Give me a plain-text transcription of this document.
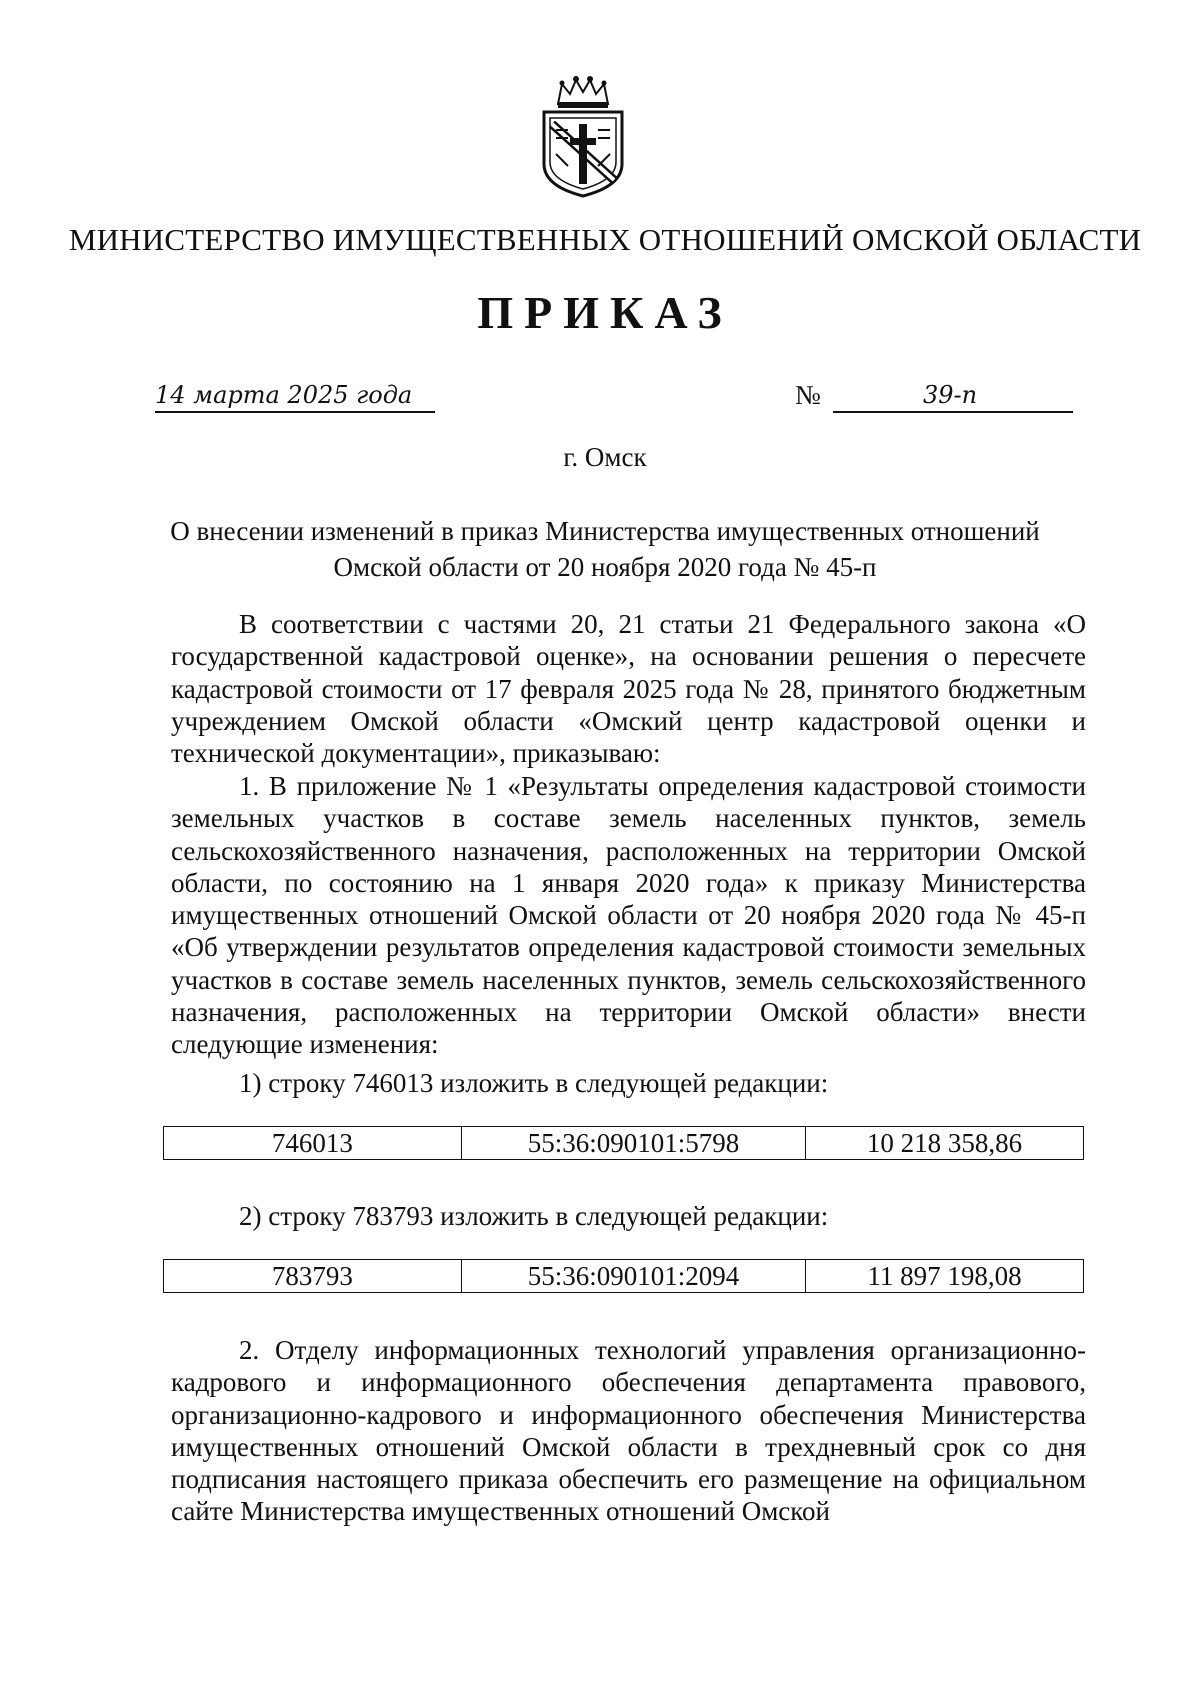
МИНИСТЕРСТВО ИМУЩЕСТВЕННЫХ ОТНОШЕНИЙ ОМСКОЙ ОБЛАСТИ
ПРИКАЗ
14 марта 2025 года	№	39-п
г. Омск
О внесении изменений в приказ Министерства имущественных отношений
Омской области от 20 ноября 2020 года № 45-п
В соответствии с частями 20, 21 статьи 21 Федерального закона «О государственной кадастровой оценке», на основании решения о пересчете кадастровой стоимости от 17 февраля 2025 года № 28, принятого бюджетным учреждением Омской области «Омский центр кадастровой оценки и технической документации», приказываю:
1. В приложение № 1 «Результаты определения кадастровой стоимости земельных участков в составе земель населенных пунктов, земель сельскохозяйственного назначения, расположенных на территории Омской области, по состоянию на 1 января 2020 года» к приказу Министерства имущественных отношений Омской области от 20 ноября 2020 года № 45-п «Об утверждении результатов определения кадастровой стоимости земельных участков в составе земель населенных пунктов, земель сельскохозяйственного назначения, расположенных на территории Омской области» внести следующие изменения:
1) строку 746013 изложить в следующей редакции:
746013	55:36:090101:5798	10 218 358,86
2) строку 783793 изложить в следующей редакции:
783793	55:36:090101:2094	11 897 198,08
2. Отделу информационных технологий управления организационно-кадрового и информационного обеспечения департамента правового, организационно-кадрового и информационного обеспечения Министерства имущественных отношений Омской области в трехдневный срок со дня подписания настоящего приказа обеспечить его размещение на официальном сайте Министерства имущественных отношений Омской
